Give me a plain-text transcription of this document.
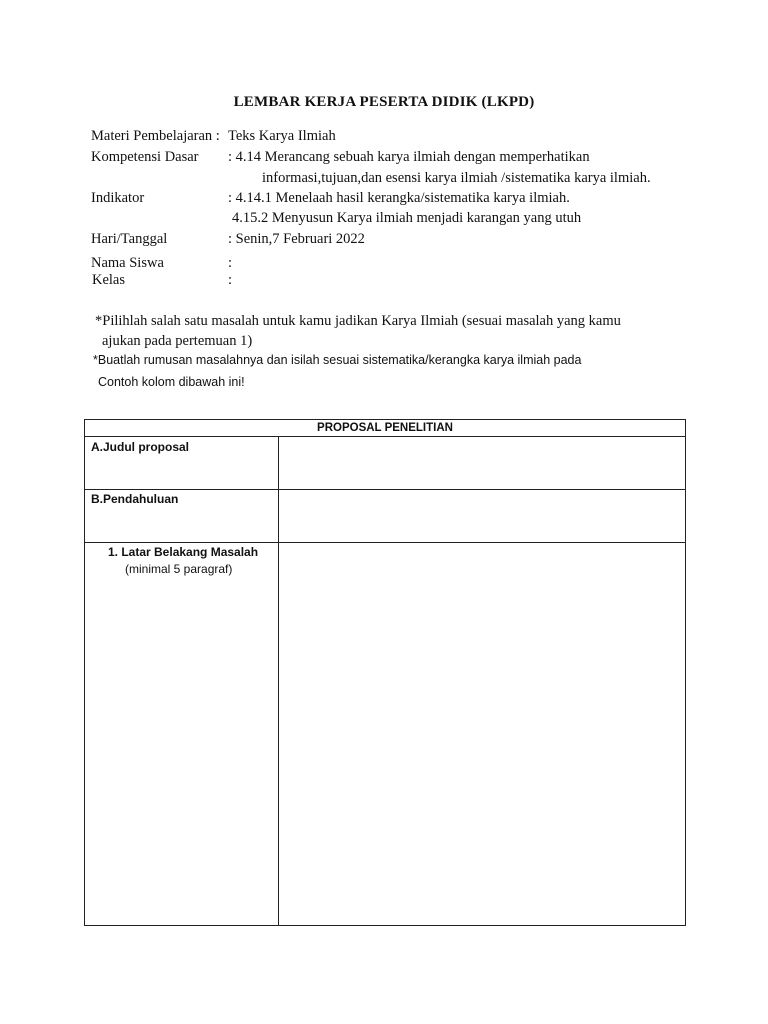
LEMBAR KERJA PESERTA DIDIK (LKPD)
Materi Pembelajaran : Teks Karya Ilmiah
Kompetensi Dasar : 4.14 Merancang sebuah karya ilmiah dengan memperhatikan
informasi,tujuan,dan esensi karya ilmiah /sistematika karya ilmiah.
Indikator	: 4.14.1 Menelaah hasil kerangka/sistematika karya ilmiah.
4.15.2 Menyusun Karya ilmiah menjadi karangan yang utuh
Hari/Tanggal	: Senin,7 Februari 2022
Nama Siswa	:
Kelas	:
*Pilihlah salah satu masalah untuk kamu jadikan Karya Ilmiah (sesuai masalah yang kamu
ajukan pada pertemuan 1)
*Buatlah rumusan masalahnya dan isilah sesuai sistematika/kerangka karya ilmiah pada
Contoh kolom dibawah ini!
PROPOSAL PENELITIAN
A.Judul proposal
B.Pendahuluan
1. Latar Belakang Masalah
(minimal 5 paragraf)
